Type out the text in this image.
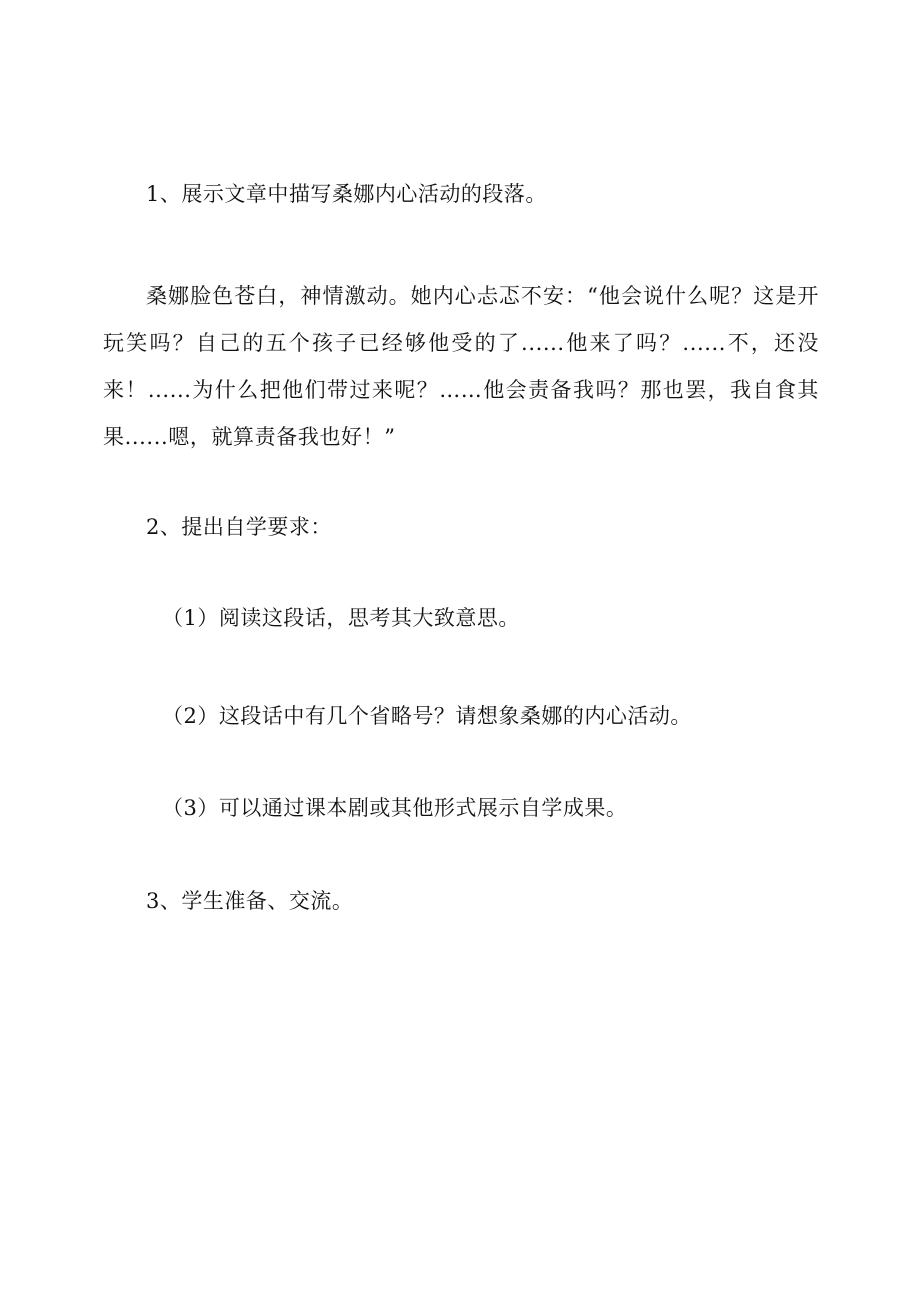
1、展示文章中描写桑娜内心活动的段落。
桑娜脸色苍白，神情激动。她内心忐忑不安：“他会说什么呢？这是开玩笑吗？自己的五个孩子已经够他受的了......他来了吗？......不，还没来！......为什么把他们带过来呢？……他会责备我吗？那也罢，我自食其果......嗯，就算责备我也好！”
2、提出自学要求：
（1）阅读这段话，思考其大致意思。
（2）这段话中有几个省略号？请想象桑娜的内心活动。
（3）可以通过课本剧或其他形式展示自学成果。
3、学生准备、交流。
